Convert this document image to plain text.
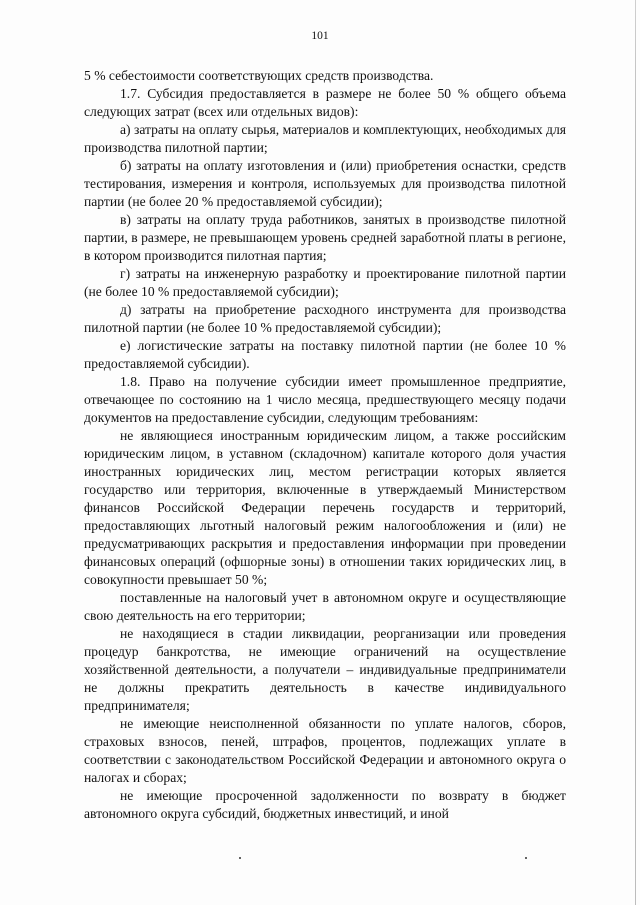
101

5 % себестоимости соответствующих средств производства.

1.7. Субсидия предоставляется в размере не более 50 % общего объема следующих затрат (всех или отдельных видов):

а) затраты на оплату сырья, материалов и комплектующих, необходимых для производства пилотной партии;

б) затраты на оплату изготовления и (или) приобретения оснастки, средств тестирования, измерения и контроля, используемых для производства пилотной партии (не более 20 % предоставляемой субсидии);

в) затраты на оплату труда работников, занятых в производстве пилотной партии, в размере, не превышающем уровень средней заработной платы в регионе, в котором производится пилотная партия;

г) затраты на инженерную разработку и проектирование пилотной партии (не более 10 % предоставляемой субсидии);

д) затраты на приобретение расходного инструмента для производства пилотной партии (не более 10 % предоставляемой субсидии);

е) логистические затраты на поставку пилотной партии (не более 10 % предоставляемой субсидии).

1.8. Право на получение субсидии имеет промышленное предприятие, отвечающее по состоянию на 1 число месяца, предшествующего месяцу подачи документов на предоставление субсидии, следующим требованиям:

не являющиеся иностранным юридическим лицом, а также российским юридическим лицом, в уставном (складочном) капитале которого доля участия иностранных юридических лиц, местом регистрации которых является государство или территория, включенные в утверждаемый Министерством финансов Российской Федерации перечень государств и территорий, предоставляющих льготный налоговый режим налогообложения и (или) не предусматривающих раскрытия и предоставления информации при проведении финансовых операций (офшорные зоны) в отношении таких юридических лиц, в совокупности превышает 50 %;

поставленные на налоговый учет в автономном округе и осуществляющие свою деятельность на его территории;

не находящиеся в стадии ликвидации, реорганизации или проведения процедур банкротства, не имеющие ограничений на осуществление хозяйственной деятельности, а получатели – индивидуальные предприниматели не должны прекратить деятельность в качестве индивидуального предпринимателя;

не имеющие неисполненной обязанности по уплате налогов, сборов, страховых взносов, пеней, штрафов, процентов, подлежащих уплате в соответствии с законодательством Российской Федерации и автономного округа о налогах и сборах;

не имеющие просроченной задолженности по возврату в бюджет автономного округа субсидий, бюджетных инвестиций, и иной
